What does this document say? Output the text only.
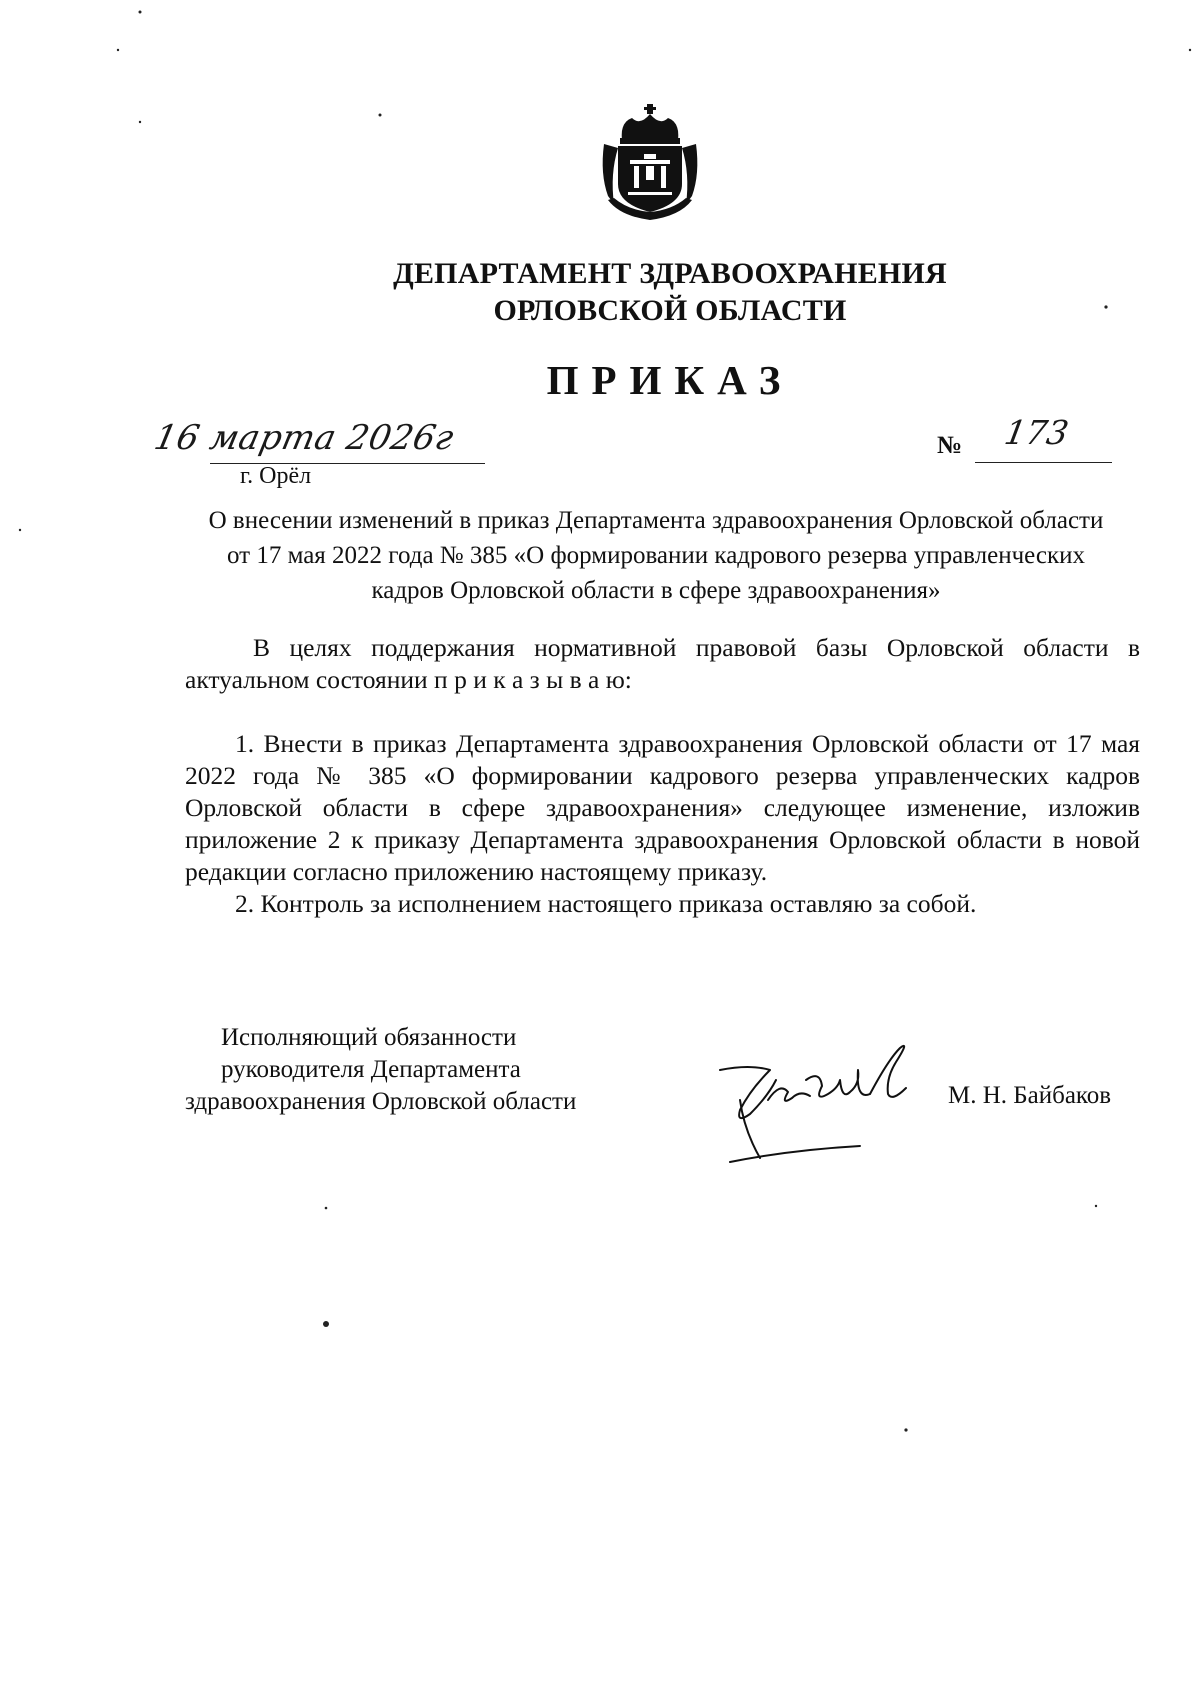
ДЕПАРТАМЕНТ ЗДРАВООХРАНЕНИЯ
ОРЛОВСКОЙ ОБЛАСТИ
ПРИКАЗ
16 марта 2026г
г. Орёл
№ 173
О внесении изменений в приказ Департамента здравоохранения Орловской области от 17 мая 2022 года № 385 «О формировании кадрового резерва управленческих кадров Орловской области в сфере здравоохранения»
В целях поддержания нормативной правовой базы Орловской области в актуальном состоянии п р и к а з ы в а ю:
1. Внести в приказ Департамента здравоохранения Орловской области от 17 мая 2022 года № 385 «О формировании кадрового резерва управленческих кадров Орловской области в сфере здравоохранения» следующее изменение, изложив приложение 2 к приказу Департамента здравоохранения Орловской области в новой редакции согласно приложению настоящему приказу.
2. Контроль за исполнением настоящего приказа оставляю за собой.
Исполняющий обязанности
руководителя Департамента
здравоохранения Орловской области	М. Н. Байбаков
